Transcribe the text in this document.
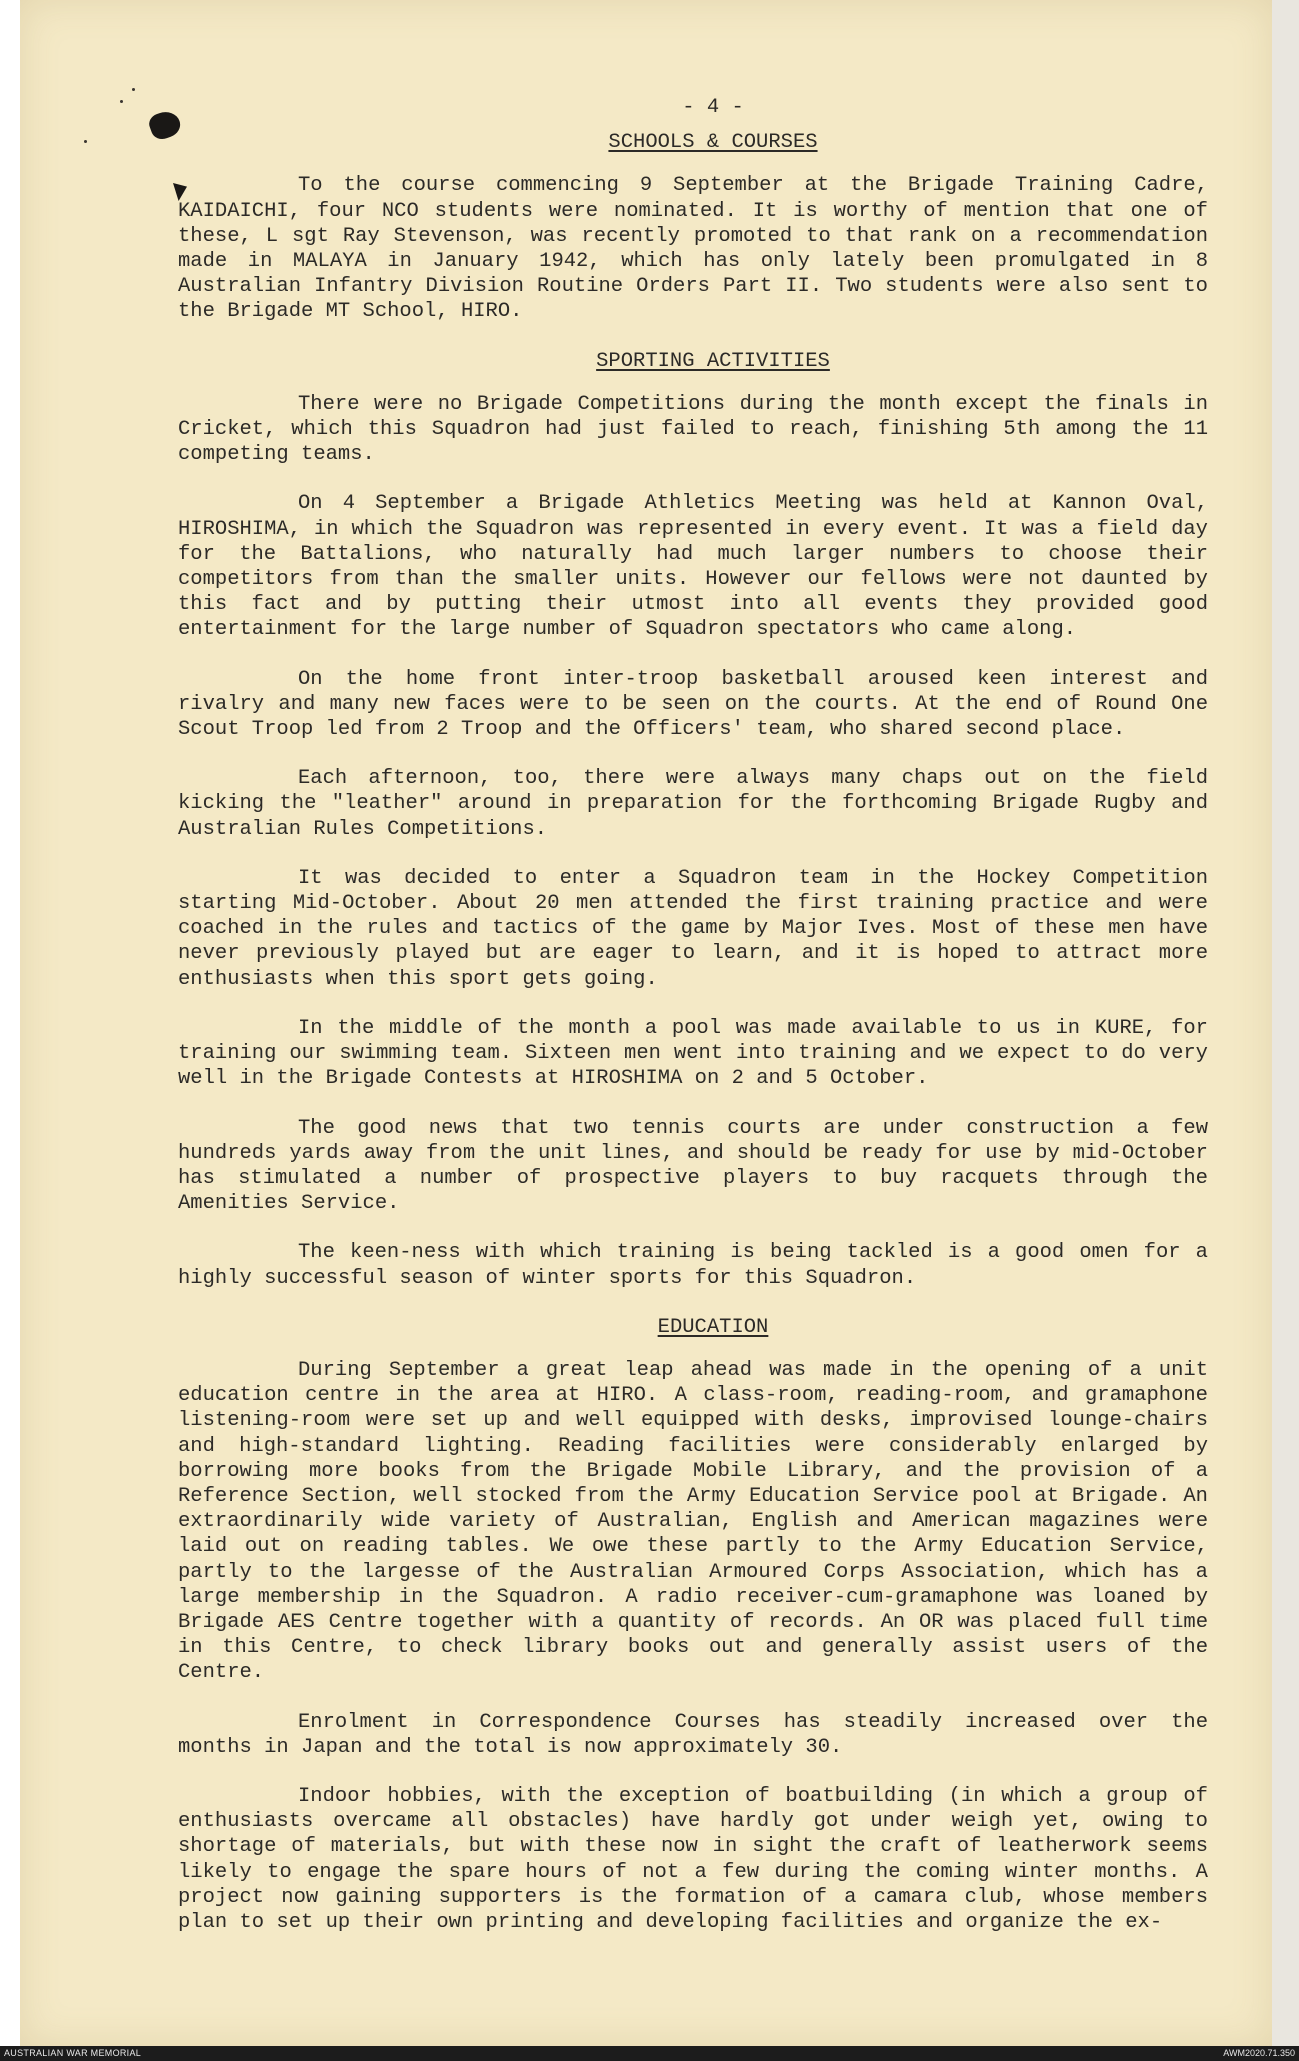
- 4 -
SCHOOLS & COURSES

To the course commencing 9 September at the Brigade Training Cadre, KAIDAICHI, four NCO students were nominated. It is worthy of mention that one of these, L sgt Ray Stevenson, was recently promoted to that rank on a recommendation made in MALAYA in January 1942, which has only lately been promulgated in 8 Australian Infantry Division Routine Orders Part II. Two students were also sent to the Brigade MT School, HIRO.

SPORTING ACTIVITIES

There were no Brigade Competitions during the month except the finals in Cricket, which this Squadron had just failed to reach, finishing 5th among the 11 competing teams.

On 4 September a Brigade Athletics Meeting was held at Kannon Oval, HIROSHIMA, in which the Squadron was represented in every event. It was a field day for the Battalions, who naturally had much larger numbers to choose their competitors from than the smaller units. However our fellows were not daunted by this fact and by putting their utmost into all events they provided good entertainment for the large number of Squadron spectators who came along.

On the home front inter-troop basketball aroused keen interest and rivalry and many new faces were to be seen on the courts. At the end of Round One Scout Troop led from 2 Troop and the Officers' team, who shared second place.

Each afternoon, too, there were always many chaps out on the field kicking the "leather" around in preparation for the forthcoming Brigade Rugby and Australian Rules Competitions.

It was decided to enter a Squadron team in the Hockey Competition starting Mid-October. About 20 men attended the first training practice and were coached in the rules and tactics of the game by Major Ives. Most of these men have never previously played but are eager to learn, and it is hoped to attract more enthusiasts when this sport gets going.

In the middle of the month a pool was made available to us in KURE, for training our swimming team. Sixteen men went into training and we expect to do very well in the Brigade Contests at HIROSHIMA on 2 and 5 October.

The good news that two tennis courts are under construction a few hundreds yards away from the unit lines, and should be ready for use by mid-October has stimulated a number of prospective players to buy racquets through the Amenities Service.

The keen-ness with which training is being tackled is a good omen for a highly successful season of winter sports for this Squadron.

EDUCATION

During September a great leap ahead was made in the opening of a unit education centre in the area at HIRO. A class-room, reading-room, and gramaphone listening-room were set up and well equipped with desks, improvised lounge-chairs and high-standard lighting. Reading facilities were considerably enlarged by borrowing more books from the Brigade Mobile Library, and the provision of a Reference Section, well stocked from the Army Education Service pool at Brigade. An extraordinarily wide variety of Australian, English and American magazines were laid out on reading tables. We owe these partly to the Army Education Service, partly to the largesse of the Australian Armoured Corps Association, which has a large membership in the Squadron. A radio receiver-cum-gramaphone was loaned by Brigade AES Centre together with a quantity of records. An OR was placed full time in this Centre, to check library books out and generally assist users of the Centre.

Enrolment in Correspondence Courses has steadily increased over the months in Japan and the total is now approximately 30.

Indoor hobbies, with the exception of boatbuilding (in which a group of enthusiasts overcame all obstacles) have hardly got under weigh yet, owing to shortage of materials, but with these now in sight the craft of leatherwork seems likely to engage the spare hours of not a few during the coming winter months. A project now gaining supporters is the formation of a camara club, whose members plan to set up their own printing and developing facilities and organize the ex-

AUSTRALIAN WAR MEMORIAL	AWM2020.71.350
